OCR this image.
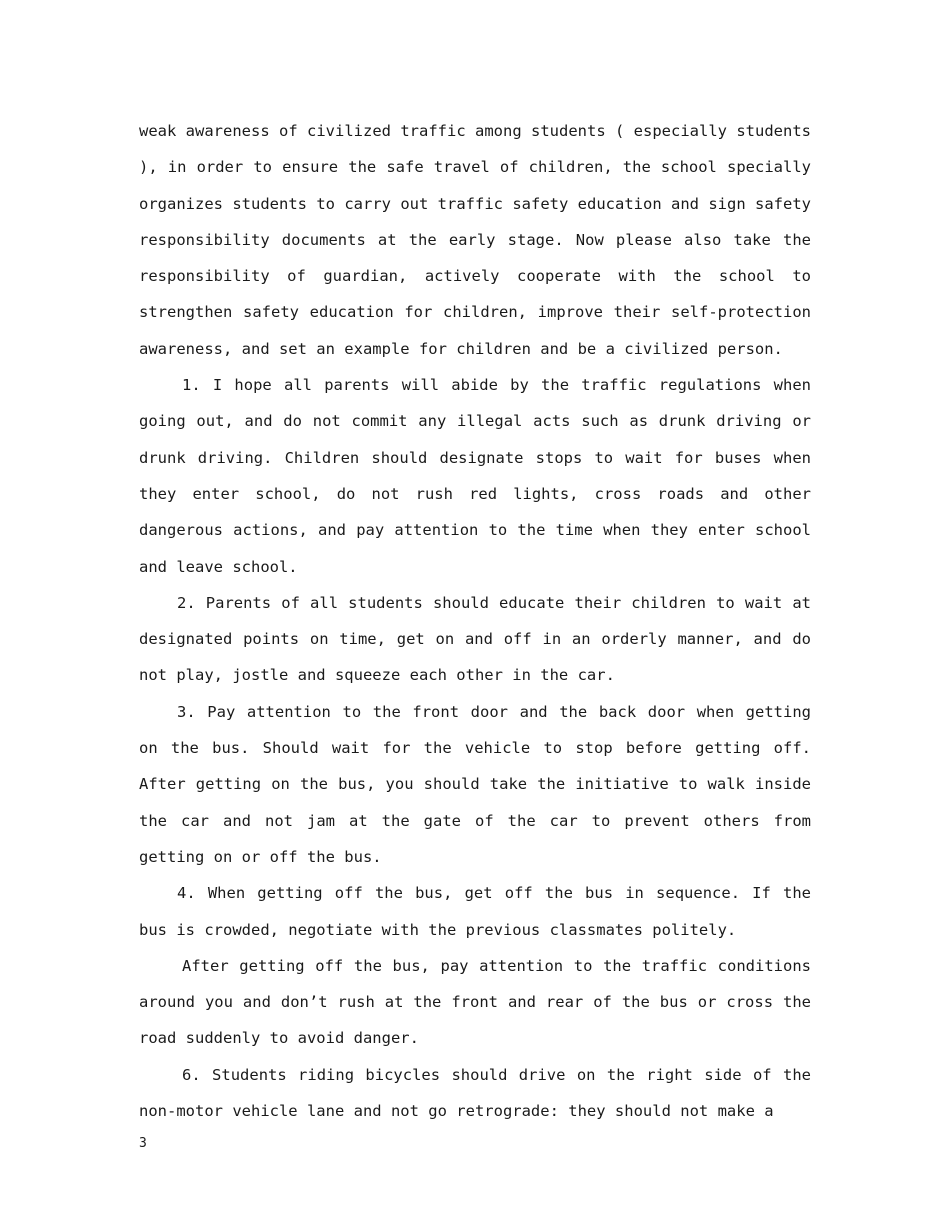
weak awareness of civilized traffic among students ( especially students ), in order to ensure the safe travel of children, the school specially organizes students to carry out traffic safety education and sign safety responsibility documents at the early stage. Now please also take the responsibility of guardian, actively cooperate with the school to strengthen safety education for children, improve their self-protection awareness, and set an example for children and be a civilized person.

1. I hope all parents will abide by the traffic regulations when going out, and do not commit any illegal acts such as drunk driving or drunk driving. Children should designate stops to wait for buses when they enter school, do not rush red lights, cross roads and other dangerous actions, and pay attention to the time when they enter school and leave school.

2. Parents of all students should educate their children to wait at designated points on time, get on and off in an orderly manner, and do not play, jostle and squeeze each other in the car.

3. Pay attention to the front door and the back door when getting on the bus. Should wait for the vehicle to stop before getting off. After getting on the bus, you should take the initiative to walk inside the car and not jam at the gate of the car to prevent others from getting on or off the bus.

4. When getting off the bus, get off the bus in sequence. If the bus is crowded, negotiate with the previous classmates politely.

After getting off the bus, pay attention to the traffic conditions around you and don’t rush at the front and rear of the bus or cross the road suddenly to avoid danger.

6. Students riding bicycles should drive on the right side of the non-motor vehicle lane and not go retrograde: they should not make a

3
